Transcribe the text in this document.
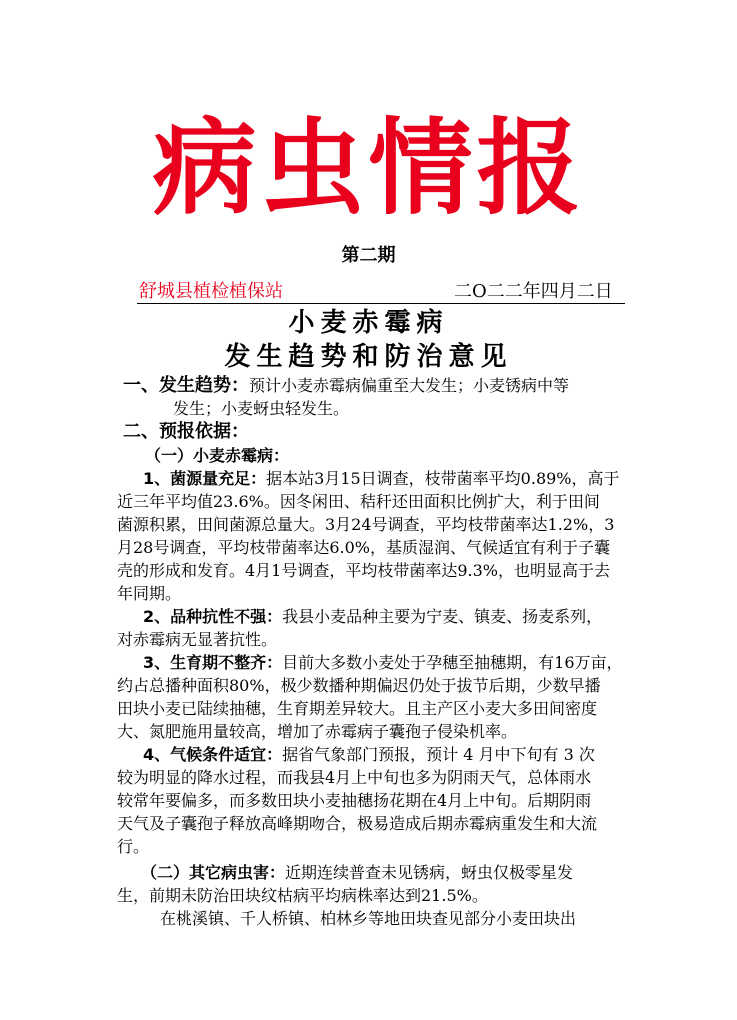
病虫情报
第二期
舒城县植检植保站	二O二二年四月二日
小麦赤霉病
发生趋势和防治意见
一、发生趋势：预计小麦赤霉病偏重至大发生；小麦锈病中等
发生；小麦蚜虫轻发生。
二、预报依据：
（一）小麦赤霉病：
1、菌源量充足：据本站3月15日调查，枝带菌率平均0.89%，高于
近三年平均值23.6%。因冬闲田、秸秆还田面积比例扩大，利于田间
菌源积累，田间菌源总量大。3月24号调查，平均枝带菌率达1.2%，3
月28号调查，平均枝带菌率达6.0%，基质湿润、气候适宜有利于子囊
壳的形成和发育。4月1号调查，平均枝带菌率达9.3%，也明显高于去
年同期。
2、品种抗性不强：我县小麦品种主要为宁麦、镇麦、扬麦系列，
对赤霉病无显著抗性。
3、生育期不整齐：目前大多数小麦处于孕穗至抽穗期，有16万亩，
约占总播种面积80%，极少数播种期偏迟仍处于拔节后期，少数早播
田块小麦已陆续抽穗，生育期差异较大。且主产区小麦大多田间密度
大、氮肥施用量较高，增加了赤霉病子囊孢子侵染机率。
4、气候条件适宜：据省气象部门预报，预计 4 月中下旬有 3 次
较为明显的降水过程，而我县4月上中旬也多为阴雨天气，总体雨水
较常年要偏多，而多数田块小麦抽穗扬花期在4月上中旬。后期阴雨
天气及子囊孢子释放高峰期吻合，极易造成后期赤霉病重发生和大流
行。
（二）其它病虫害：近期连续普查未见锈病，蚜虫仅极零星发
生，前期未防治田块纹枯病平均病株率达到21.5%。
在桃溪镇、千人桥镇、柏林乡等地田块查见部分小麦田块出
